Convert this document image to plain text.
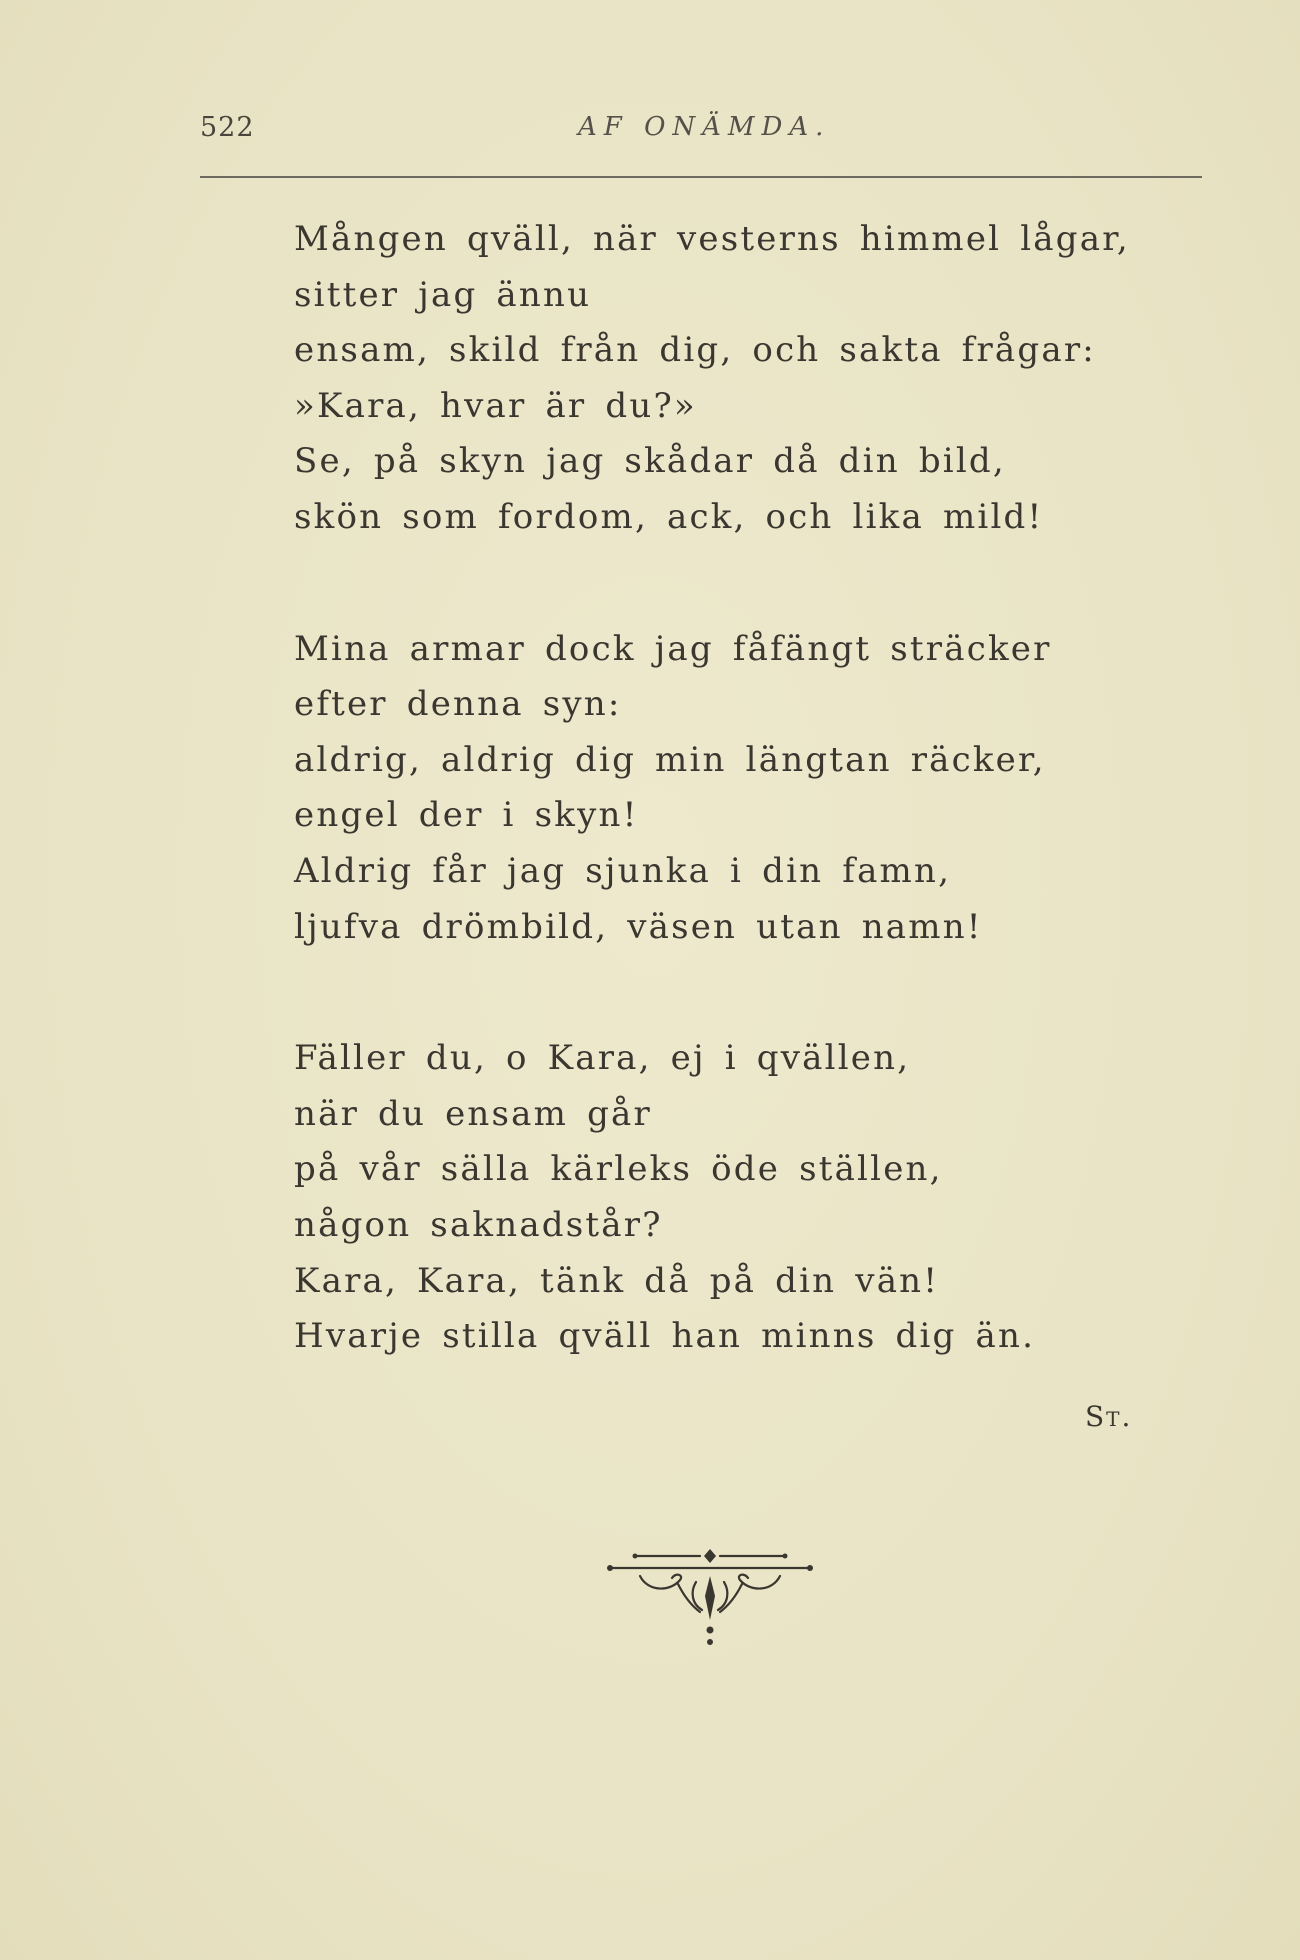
522	AF ONÄMDA.
Mången qväll, när vesterns himmel lågar,
sitter jag ännu
ensam, skild från dig, och sakta frågar:
»Kara, hvar är du?»
Se, på skyn jag skådar då din bild,
skön som fordom, ack, och lika mild!
Mina armar dock jag fåfängt sträcker
efter denna syn:
aldrig, aldrig dig min längtan räcker,
engel der i skyn!
Aldrig får jag sjunka i din famn,
ljufva drömbild, väsen utan namn!
Fäller du, o Kara, ej i qvällen,
när du ensam går
på vår sälla kärleks öde ställen,
någon saknadstår?
Kara, Kara, tänk då på din vän!
Hvarje stilla qväll han minns dig än.
St.
